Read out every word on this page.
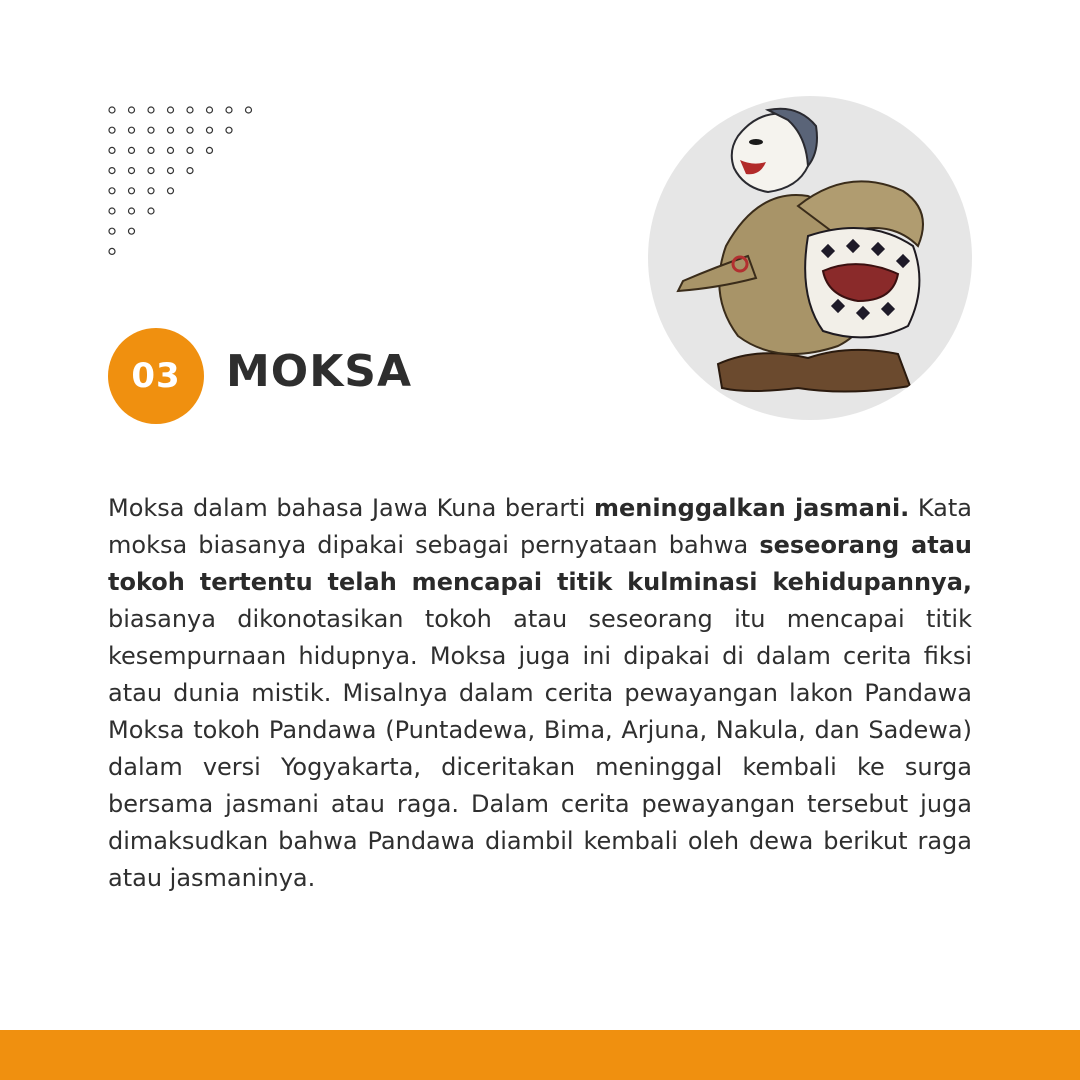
03 MOKSA

Moksa dalam bahasa Jawa Kuna berarti meninggalkan jasmani. Kata moksa biasanya dipakai sebagai pernyataan bahwa seseorang atau tokoh tertentu telah mencapai titik kulminasi kehidupannya, biasanya dikonotasikan tokoh atau seseorang itu mencapai titik kesempurnaan hidupnya. Moksa juga ini dipakai di dalam cerita fiksi atau dunia mistik. Misalnya dalam cerita pewayangan lakon Pandawa Moksa tokoh Pandawa (Puntadewa, Bima, Arjuna, Nakula, dan Sadewa) dalam versi Yogyakarta, diceritakan meninggal kembali ke surga bersama jasmani atau raga. Dalam cerita pewayangan tersebut juga dimaksudkan bahwa Pandawa diambil kembali oleh dewa berikut raga atau jasmaninya.
